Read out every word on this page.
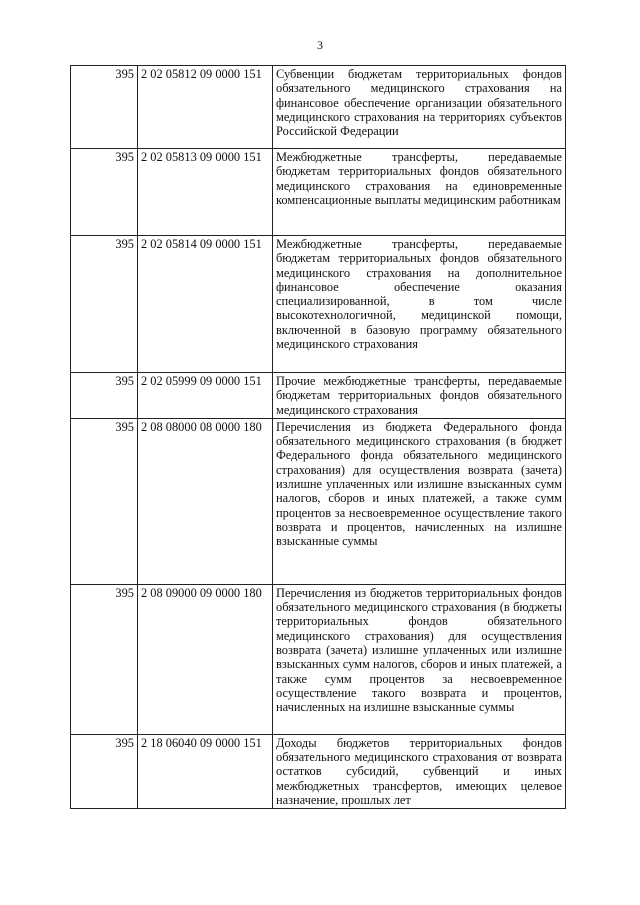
3
395	2 02 05812 09 0000 151	Субвенции бюджетам территориальных фондов обязательного медицинского страхования на финансовое обеспечение организации обязательного медицинского страхования на территориях субъектов Российской Федерации
395	2 02 05813 09 0000 151	Межбюджетные трансферты, передаваемые бюджетам территориальных фондов обязательного медицинского страхования на единовременные компенсационные выплаты медицинским работникам
395	2 02 05814 09 0000 151	Межбюджетные трансферты, передаваемые бюджетам территориальных фондов обязательного медицинского страхования на дополнительное финансовое обеспечение оказания специализированной, в том числе высокотехнологичной, медицинской помощи, включенной в базовую программу обязательного медицинского страхования
395	2 02 05999 09 0000 151	Прочие межбюджетные трансферты, передаваемые бюджетам территориальных фондов обязательного медицинского страхования
395	2 08 08000 08 0000 180	Перечисления из бюджета Федерального фонда обязательного медицинского страхования (в бюджет Федерального фонда обязательного медицинского страхования) для осуществления возврата (зачета) излишне уплаченных или излишне взысканных сумм налогов, сборов и иных платежей, а также сумм процентов за несвоевременное осуществление такого возврата и процентов, начисленных на излишне взысканные суммы
395	2 08 09000 09 0000 180	Перечисления из бюджетов территориальных фондов обязательного медицинского страхования (в бюджеты территориальных фондов обязательного медицинского страхования) для осуществления возврата (зачета) излишне уплаченных или излишне взысканных сумм налогов, сборов и иных платежей, а также сумм процентов за несвоевременное осуществление такого возврата и процентов, начисленных на излишне взысканные суммы
395	2 18 06040 09 0000 151	Доходы бюджетов территориальных фондов обязательного медицинского страхования от возврата остатков субсидий, субвенций и иных межбюджетных трансфертов, имеющих целевое назначение, прошлых лет
